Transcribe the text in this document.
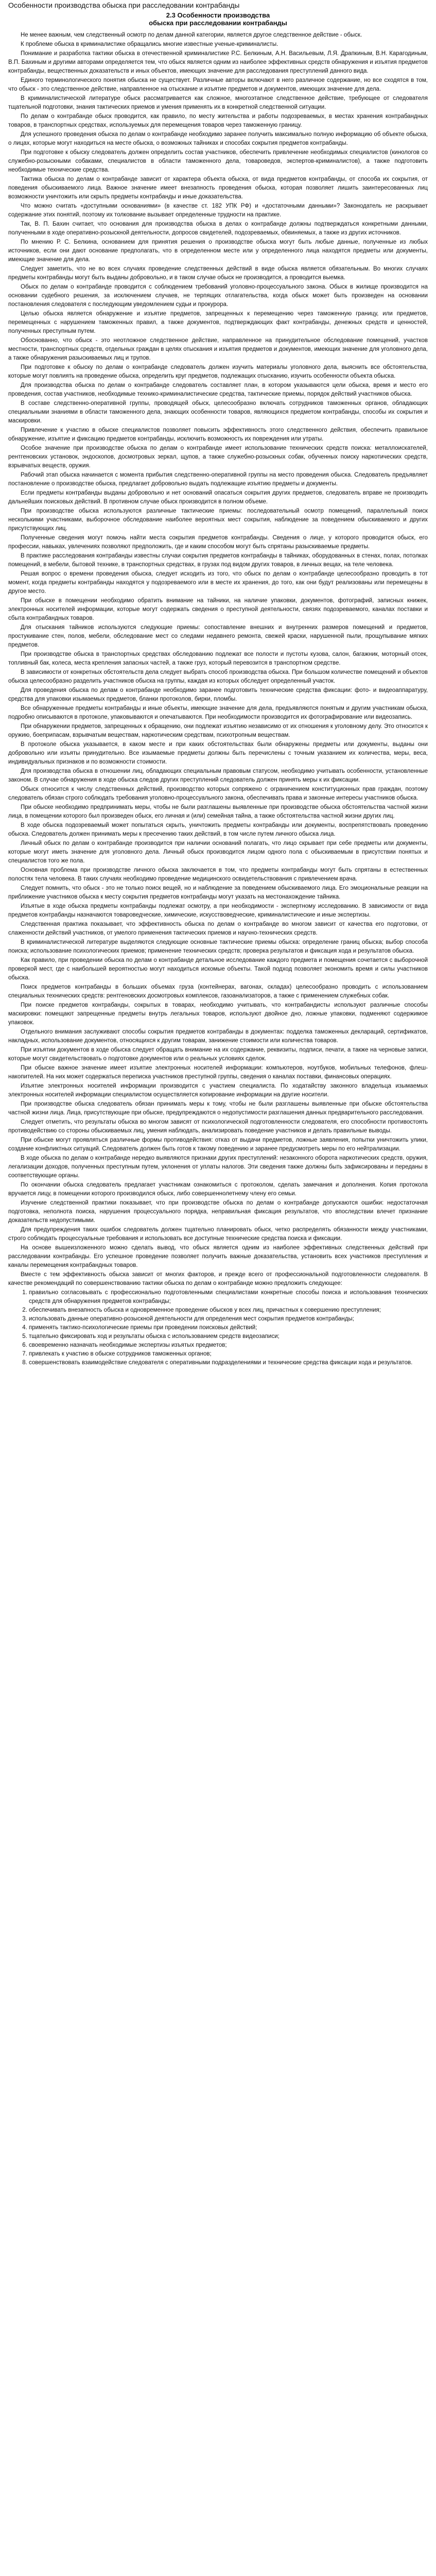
Особенности производства обыска при расследовании контрабанды
2.3 Особенности производства
обыска при расследовании контрабанды

Не менее важным, чем следственный осмотр по делам данной категории, является другое следственное действие - обыск.

К проблеме обыска в криминалистике обращались многие известные ученые-криминалисты.

Понимание и разработка тактики обыска в отечественной криминалистике Р.С. Белкиным, А.Н. Васильевым, Л.Я. Драпкиным, В.Н. Карагодиным, В.П. Бахиным и другими авторами определяется тем, что обыск является одним из наиболее эффективных средств обнаружения и изъятия предметов контрабанды, вещественных доказательств и иных объектов, имеющих значение для расследования преступлений данного вида.

Единого терминологического понятия обыска не существует. Различные авторы включают в него различное содержание, но все сходятся в том, что обыск - это следственное действие, направленное на отыскание и изъятие предметов и документов, имеющих значение для дела.

В криминалистической литературе обыск рассматривается как сложное, многоэтапное следственное действие, требующее от следователя тщательной подготовки, знания тактических приемов и умения применять их в конкретной следственной ситуации.

По делам о контрабанде обыск проводится, как правило, по месту жительства и работы подозреваемых, в местах хранения контрабандных товаров, в транспортных средствах, используемых для перемещения товаров через таможенную границу.

Для успешного проведения обыска по делам о контрабанде необходимо заранее получить максимально полную информацию об объекте обыска, о лицах, которые могут находиться на месте обыска, о возможных тайниках и способах сокрытия предметов контрабанды.

При подготовке к обыску следователь должен определить состав участников, обеспечить привлечение необходимых специалистов (кинологов со служебно-розыскными собаками, специалистов в области таможенного дела, товароведов, экспертов-криминалистов), а также подготовить необходимые технические средства.

Тактика обыска по делам о контрабанде зависит от характера объекта обыска, от вида предметов контрабанды, от способа их сокрытия, от поведения обыскиваемого лица. Важное значение имеет внезапность проведения обыска, которая позволяет лишить заинтересованных лиц возможности уничтожить или скрыть предметы контрабанды и иные доказательства.

Что можно считать «доступными основаниями» (в качестве ст. 182 УПК РФ) и «достаточными данными»? Законодатель не раскрывает содержание этих понятий, поэтому их толкование вызывает определенные трудности на практике.

Так, В. П. Бахин считает, что основания для производства обыска в делах о контрабанде должны подтверждаться конкретными данными, полученными в ходе оперативно-розыскной деятельности, допросов свидетелей, подозреваемых, обвиняемых, а также из других источников.

По мнению Р. С. Белкина, основанием для принятия решения о производстве обыска могут быть любые данные, полученные из любых источников, если они дают основание предполагать, что в определенном месте или у определенного лица находятся предметы или документы, имеющие значение для дела.

Следует заметить, что не во всех случаях проведение следственных действий в виде обыска является обязательным. Во многих случаях предметы контрабанды могут быть выданы добровольно, и в таком случае обыск не производится, а проводится выемка.

Обыск по делам о контрабанде проводится с соблюдением требований уголовно-процессуального закона. Обыск в жилище производится на основании судебного решения, за исключением случаев, не терпящих отлагательства, когда обыск может быть произведен на основании постановления следователя с последующим уведомлением судьи и прокурора.

Целью обыска является обнаружение и изъятие предметов, запрещенных к перемещению через таможенную границу, или предметов, перемещенных с нарушением таможенных правил, а также документов, подтверждающих факт контрабанды, денежных средств и ценностей, полученных преступным путем.

Обоснованно, что обыск - это неотложное следственное действие, направленное на принудительное обследование помещений, участков местности, транспортных средств, отдельных граждан в целях отыскания и изъятия предметов и документов, имеющих значение для уголовного дела, а также обнаружения разыскиваемых лиц и трупов.

При подготовке к обыску по делам о контрабанде следователь должен изучить материалы уголовного дела, выяснить все обстоятельства, которые могут повлиять на проведение обыска, определить круг предметов, подлежащих отысканию, изучить особенности объекта обыска.

Для производства обыска по делам о контрабанде следователь составляет план, в котором указываются цели обыска, время и место его проведения, состав участников, необходимые технико-криминалистические средства, тактические приемы, порядок действий участников обыска.

В составе следственно-оперативной группы, проводящей обыск, целесообразно включать сотрудников таможенных органов, обладающих специальными знаниями в области таможенного дела, знающих особенности товаров, являющихся предметом контрабанды, способы их сокрытия и маскировки.

Привлечение к участию в обыске специалистов позволяет повысить эффективность этого следственного действия, обеспечить правильное обнаружение, изъятие и фиксацию предметов контрабанды, исключить возможность их повреждения или утраты.

Особое значение при производстве обыска по делам о контрабанде имеет использование технических средств поиска: металлоискателей, рентгеновских установок, эндоскопов, досмотровых зеркал, щупов, а также служебно-розыскных собак, обученных поиску наркотических средств, взрывчатых веществ, оружия.

Рабочий этап обыска начинается с момента прибытия следственно-оперативной группы на место проведения обыска. Следователь предъявляет постановление о производстве обыска, предлагает добровольно выдать подлежащие изъятию предметы и документы.

Если предметы контрабанды выданы добровольно и нет оснований опасаться сокрытия других предметов, следователь вправе не производить дальнейших поисковых действий. В противном случае обыск производится в полном объеме.

При производстве обыска используются различные тактические приемы: последовательный осмотр помещений, параллельный поиск несколькими участниками, выборочное обследование наиболее вероятных мест сокрытия, наблюдение за поведением обыскиваемого и других присутствующих лиц.

Полученные сведения могут помочь найти места сокрытия предметов контрабанды. Сведения о лице, у которого проводится обыск, его профессии, навыках, увлечениях позволяют предположить, где и каким способом могут быть спрятаны разыскиваемые предметы.

В практике расследования контрабанды известны случаи сокрытия предметов контрабанды в тайниках, оборудованных в стенах, полах, потолках помещений, в мебели, бытовой технике, в транспортных средствах, в грузах под видом других товаров, в личных вещах, на теле человека.

Решая вопрос о времени проведения обыска, следует исходить из того, что обыск по делам о контрабанде целесообразно проводить в тот момент, когда предметы контрабанды находятся у подозреваемого или в месте их хранения, до того, как они будут реализованы или перемещены в другое место.

При обыске в помещении необходимо обратить внимание на тайники, на наличие упаковки, документов, фотографий, записных книжек, электронных носителей информации, которые могут содержать сведения о преступной деятельности, связях подозреваемого, каналах поставки и сбыта контрабандных товаров.

Для отыскания тайников используются следующие приемы: сопоставление внешних и внутренних размеров помещений и предметов, простукивание стен, полов, мебели, обследование мест со следами недавнего ремонта, свежей краски, нарушенной пыли, прощупывание мягких предметов.

При производстве обыска в транспортных средствах обследованию подлежат все полости и пустоты кузова, салон, багажник, моторный отсек, топливный бак, колеса, места крепления запасных частей, а также груз, который перевозится в транспортном средстве.

В зависимости от конкретных обстоятельств дела следует выбрать способ производства обыска. При большом количестве помещений и объектов обыска целесообразно разделить участников обыска на группы, каждая из которых обследует определенный участок.

Для проведения обыска по делам о контрабанде необходимо заранее подготовить технические средства фиксации: фото- и видеоаппаратуру, средства для упаковки изымаемых предметов, бланки протоколов, бирки, пломбы.

Все обнаруженные предметы контрабанды и иные объекты, имеющие значение для дела, предъявляются понятым и другим участникам обыска, подробно описываются в протоколе, упаковываются и опечатываются. При необходимости производится их фотографирование или видеозапись.

При обнаружении предметов, запрещенных к обращению, они подлежат изъятию независимо от их отношения к уголовному делу. Это относится к оружию, боеприпасам, взрывчатым веществам, наркотическим средствам, психотропным веществам.

В протоколе обыска указывается, в каком месте и при каких обстоятельствах были обнаружены предметы или документы, выданы они добровольно или изъяты принудительно. Все изымаемые предметы должны быть перечислены с точным указанием их количества, меры, веса, индивидуальных признаков и по возможности стоимости.

Для производства обыска в отношении лиц, обладающих специальным правовым статусом, необходимо учитывать особенности, установленные законом. В случае обнаружения в ходе обыска следов других преступлений следователь должен принять меры к их фиксации.

Обыск относится к числу следственных действий, производство которых сопряжено с ограничением конституционных прав граждан, поэтому следователь обязан строго соблюдать требования уголовно-процессуального закона, обеспечивать права и законные интересы участников обыска.

При обыске необходимо предпринимать меры, чтобы не были разглашены выявленные при производстве обыска обстоятельства частной жизни лица, в помещении которого был произведен обыск, его личная и (или) семейная тайна, а также обстоятельства частной жизни других лиц.

В ходе обыска подозреваемый может попытаться скрыть, уничтожить предметы контрабанды или документы, воспрепятствовать проведению обыска. Следователь должен принимать меры к пресечению таких действий, в том числе путем личного обыска лица.

Личный обыск по делам о контрабанде производится при наличии оснований полагать, что лицо скрывает при себе предметы или документы, которые могут иметь значение для уголовного дела. Личный обыск производится лицом одного пола с обыскиваемым в присутствии понятых и специалистов того же пола.

Основная проблема при производстве личного обыска заключается в том, что предметы контрабанды могут быть спрятаны в естественных полостях тела человека. В таких случаях необходимо проведение медицинского освидетельствования с привлечением врача.

Следует помнить, что обыск - это не только поиск вещей, но и наблюдение за поведением обыскиваемого лица. Его эмоциональные реакции на приближение участников обыска к месту сокрытия предметов контрабанды могут указать на местонахождение тайника.

Изъятые в ходе обыска предметы контрабанды подлежат осмотру, а при необходимости - экспертному исследованию. В зависимости от вида предметов контрабанды назначаются товароведческие, химические, искусствоведческие, криминалистические и иные экспертизы.

Следственная практика показывает, что эффективность обыска по делам о контрабанде во многом зависит от качества его подготовки, от слаженности действий участников, от умелого применения тактических приемов и научно-технических средств.

В криминалистической литературе выделяются следующие основные тактические приемы обыска: определение границ обыска; выбор способа поиска; использование психологических приемов; применение технических средств; проверка результатов и фиксация хода и результатов обыска.

Как правило, при проведении обыска по делам о контрабанде детальное исследование каждого предмета и помещения сочетается с выборочной проверкой мест, где с наибольшей вероятностью могут находиться искомые объекты. Такой подход позволяет экономить время и силы участников обыска.

Поиск предметов контрабанды в больших объемах груза (контейнерах, вагонах, складах) целесообразно проводить с использованием специальных технических средств: рентгеновских досмотровых комплексов, газоанализаторов, а также с применением служебных собак.

При поиске предметов контрабанды, сокрытых в товарах, необходимо учитывать, что контрабандисты используют различные способы маскировки: помещают запрещенные предметы внутрь легальных товаров, используют двойное дно, ложные упаковки, подменяют содержимое упаковок.

Отдельного внимания заслуживают способы сокрытия предметов контрабанды в документах: подделка таможенных деклараций, сертификатов, накладных, использование документов, относящихся к другим товарам, занижение стоимости или количества товаров.

При изъятии документов в ходе обыска следует обращать внимание на их содержание, реквизиты, подписи, печати, а также на черновые записи, которые могут свидетельствовать о подготовке документов или о реальных условиях сделок.

При обыске важное значение имеет изъятие электронных носителей информации: компьютеров, ноутбуков, мобильных телефонов, флеш-накопителей. На них может содержаться переписка участников преступной группы, сведения о каналах поставки, финансовых операциях.

Изъятие электронных носителей информации производится с участием специалиста. По ходатайству законного владельца изымаемых электронных носителей информации специалистом осуществляется копирование информации на другие носители.

При производстве обыска следователь обязан принимать меры к тому, чтобы не были разглашены выявленные при обыске обстоятельства частной жизни лица. Лица, присутствующие при обыске, предупреждаются о недопустимости разглашения данных предварительного расследования.

Следует отметить, что результаты обыска во многом зависят от психологической подготовленности следователя, его способности противостоять противодействию со стороны обыскиваемых лиц, умения наблюдать, анализировать поведение участников и делать правильные выводы.

При обыске могут проявляться различные формы противодействия: отказ от выдачи предметов, ложные заявления, попытки уничтожить улики, создание конфликтных ситуаций. Следователь должен быть готов к такому поведению и заранее предусмотреть меры по его нейтрализации.

В ходе обыска по делам о контрабанде нередко выявляются признаки других преступлений: незаконного оборота наркотических средств, оружия, легализации доходов, полученных преступным путем, уклонения от уплаты налогов. Эти сведения также должны быть зафиксированы и переданы в соответствующие органы.

По окончании обыска следователь предлагает участникам ознакомиться с протоколом, сделать замечания и дополнения. Копия протокола вручается лицу, в помещении которого производился обыск, либо совершеннолетнему члену его семьи.

Изучение следственной практики показывает, что при производстве обыска по делам о контрабанде допускаются ошибки: недостаточная подготовка, неполнота поиска, нарушения процессуального порядка, неправильная фиксация результатов, что впоследствии влечет признание доказательств недопустимыми.

Для предупреждения таких ошибок следователь должен тщательно планировать обыск, четко распределять обязанности между участниками, строго соблюдать процессуальные требования и использовать все доступные технические средства поиска и фиксации.

На основе вышеизложенного можно сделать вывод, что обыск является одним из наиболее эффективных следственных действий при расследовании контрабанды. Его успешное проведение позволяет получить важные доказательства, установить всех участников преступления и каналы перемещения контрабандных товаров.

Вместе с тем эффективность обыска зависит от многих факторов, и прежде всего от профессиональной подготовленности следователя. В качестве рекомендаций по совершенствованию тактики обыска по делам о контрабанде можно предложить следующее:

1. правильно согласовывать с профессионально подготовленными специалистами конкретные способы поиска и использования технических средств для обнаружения предметов контрабанды;
2. обеспечивать внезапность обыска и одновременное проведение обысков у всех лиц, причастных к совершению преступления;
3. использовать данные оперативно-розыскной деятельности для определения мест сокрытия предметов контрабанды;
4. применять тактико-психологические приемы при проведении поисковых действий;
5. тщательно фиксировать ход и результаты обыска с использованием средств видеозаписи;
6. своевременно назначать необходимые экспертизы изъятых предметов;
7. привлекать к участию в обыске сотрудников таможенных органов;
8. совершенствовать взаимодействие следователя с оперативными подразделениями и технические средства фиксации хода и результатов.
